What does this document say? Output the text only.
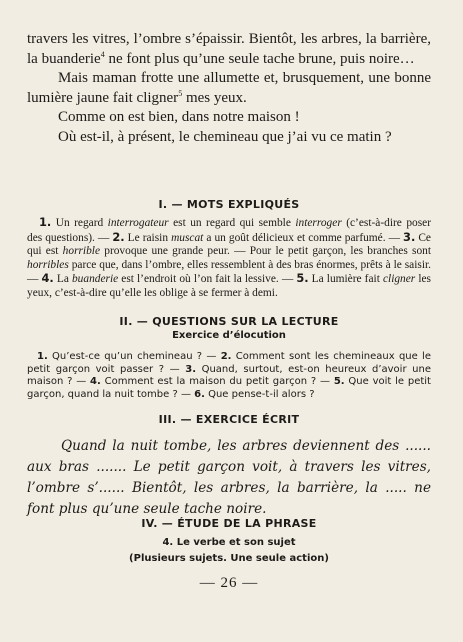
travers les vitres, l’ombre s’épaissir. Bientôt, les arbres, la barrière, la buanderie$^4$ ne font plus qu’une seule tache brune, puis noire…

Mais maman frotte une allumette et, brusquement, une bonne lumière jaune fait cligner$^5$ mes yeux.

Comme on est bien, dans notre maison !

Où est-il, à présent, le chemineau que j’ai vu ce matin ?

I. — MOTS EXPLIQUÉS

1. Un regard interrogateur est un regard qui semble interroger (c’est-à-dire poser des questions). — 2. Le raisin muscat a un goût délicieux et comme parfumé. — 3. Ce qui est horrible provoque une grande peur. — Pour le petit garçon, les branches sont horribles parce que, dans l’ombre, elles ressemblent à des bras énormes, prêts à le saisir. — 4. La buanderie est l’endroit où l’on fait la lessive. — 5. La lumière fait cligner les yeux, c’est-à-dire qu’elle les oblige à se fermer à demi.

II. — QUESTIONS SUR LA LECTURE
Exercice d’élocution

1. Qu’est-ce qu’un chemineau ? — 2. Comment sont les chemineaux que le petit garçon voit passer ? — 3. Quand, surtout, est-on heureux d’avoir une maison ? — 4. Comment est la maison du petit garçon ? — 5. Que voit le petit garçon, quand la nuit tombe ? — 6. Que pense-t-il alors ?

III. — EXERCICE ÉCRIT

Quand la nuit tombe, les arbres deviennent des ...... aux bras ....... Le petit garçon voit, à travers les vitres, l’ombre s’...... Bientôt, les arbres, la barrière, la ..... ne font plus qu’une seule tache noire.

IV. — ÉTUDE DE LA PHRASE
4. Le verbe et son sujet
(Plusieurs sujets. Une seule action)
— 26 —
